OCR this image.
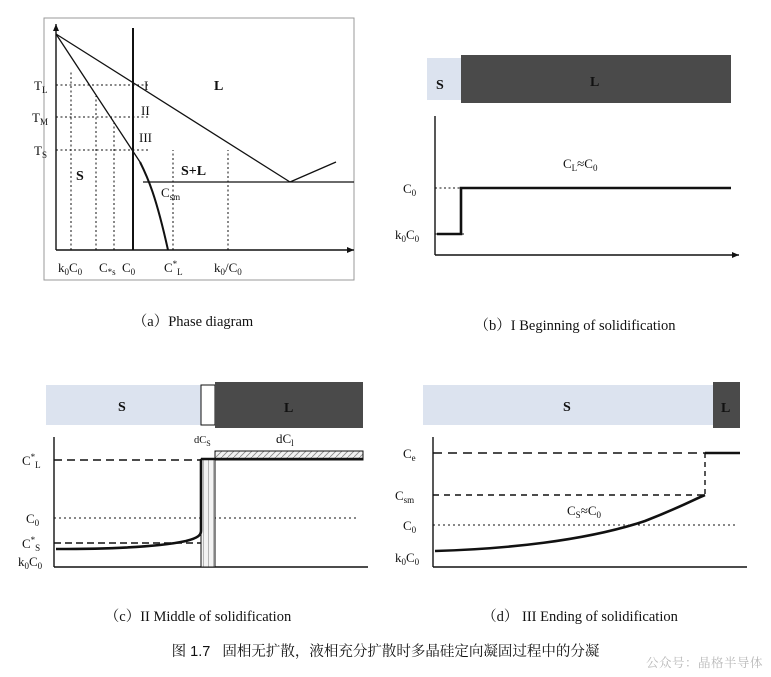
$T_L$
$T_M$
$T_S$
L
S	S+L
I
II
III
$C_{sm}$
$k_0C_0$ $C_*s$ $C_0$ $C^*_L$ $k_0/C_0$
（a）Phase diagram
S	L
$C_L\approx C_0$
$C_0$
$k_0C_0$
（b）I Beginning of solidification
S	L
$dC_S$	$dC_l$
$C^*_L$
$C_0$
$C^*_S$
$k_0C_0$
（c）II Middle of solidification
S	L
$C_S\approx C_0$
$C_e$
$C_{sm}$
$C_0$
$k_0C_0$
（d） III Ending of solidification
图 1.7 固相无扩散，液相充分扩散时多晶硅定向凝固过程中的分凝
公众号：晶格半导体
